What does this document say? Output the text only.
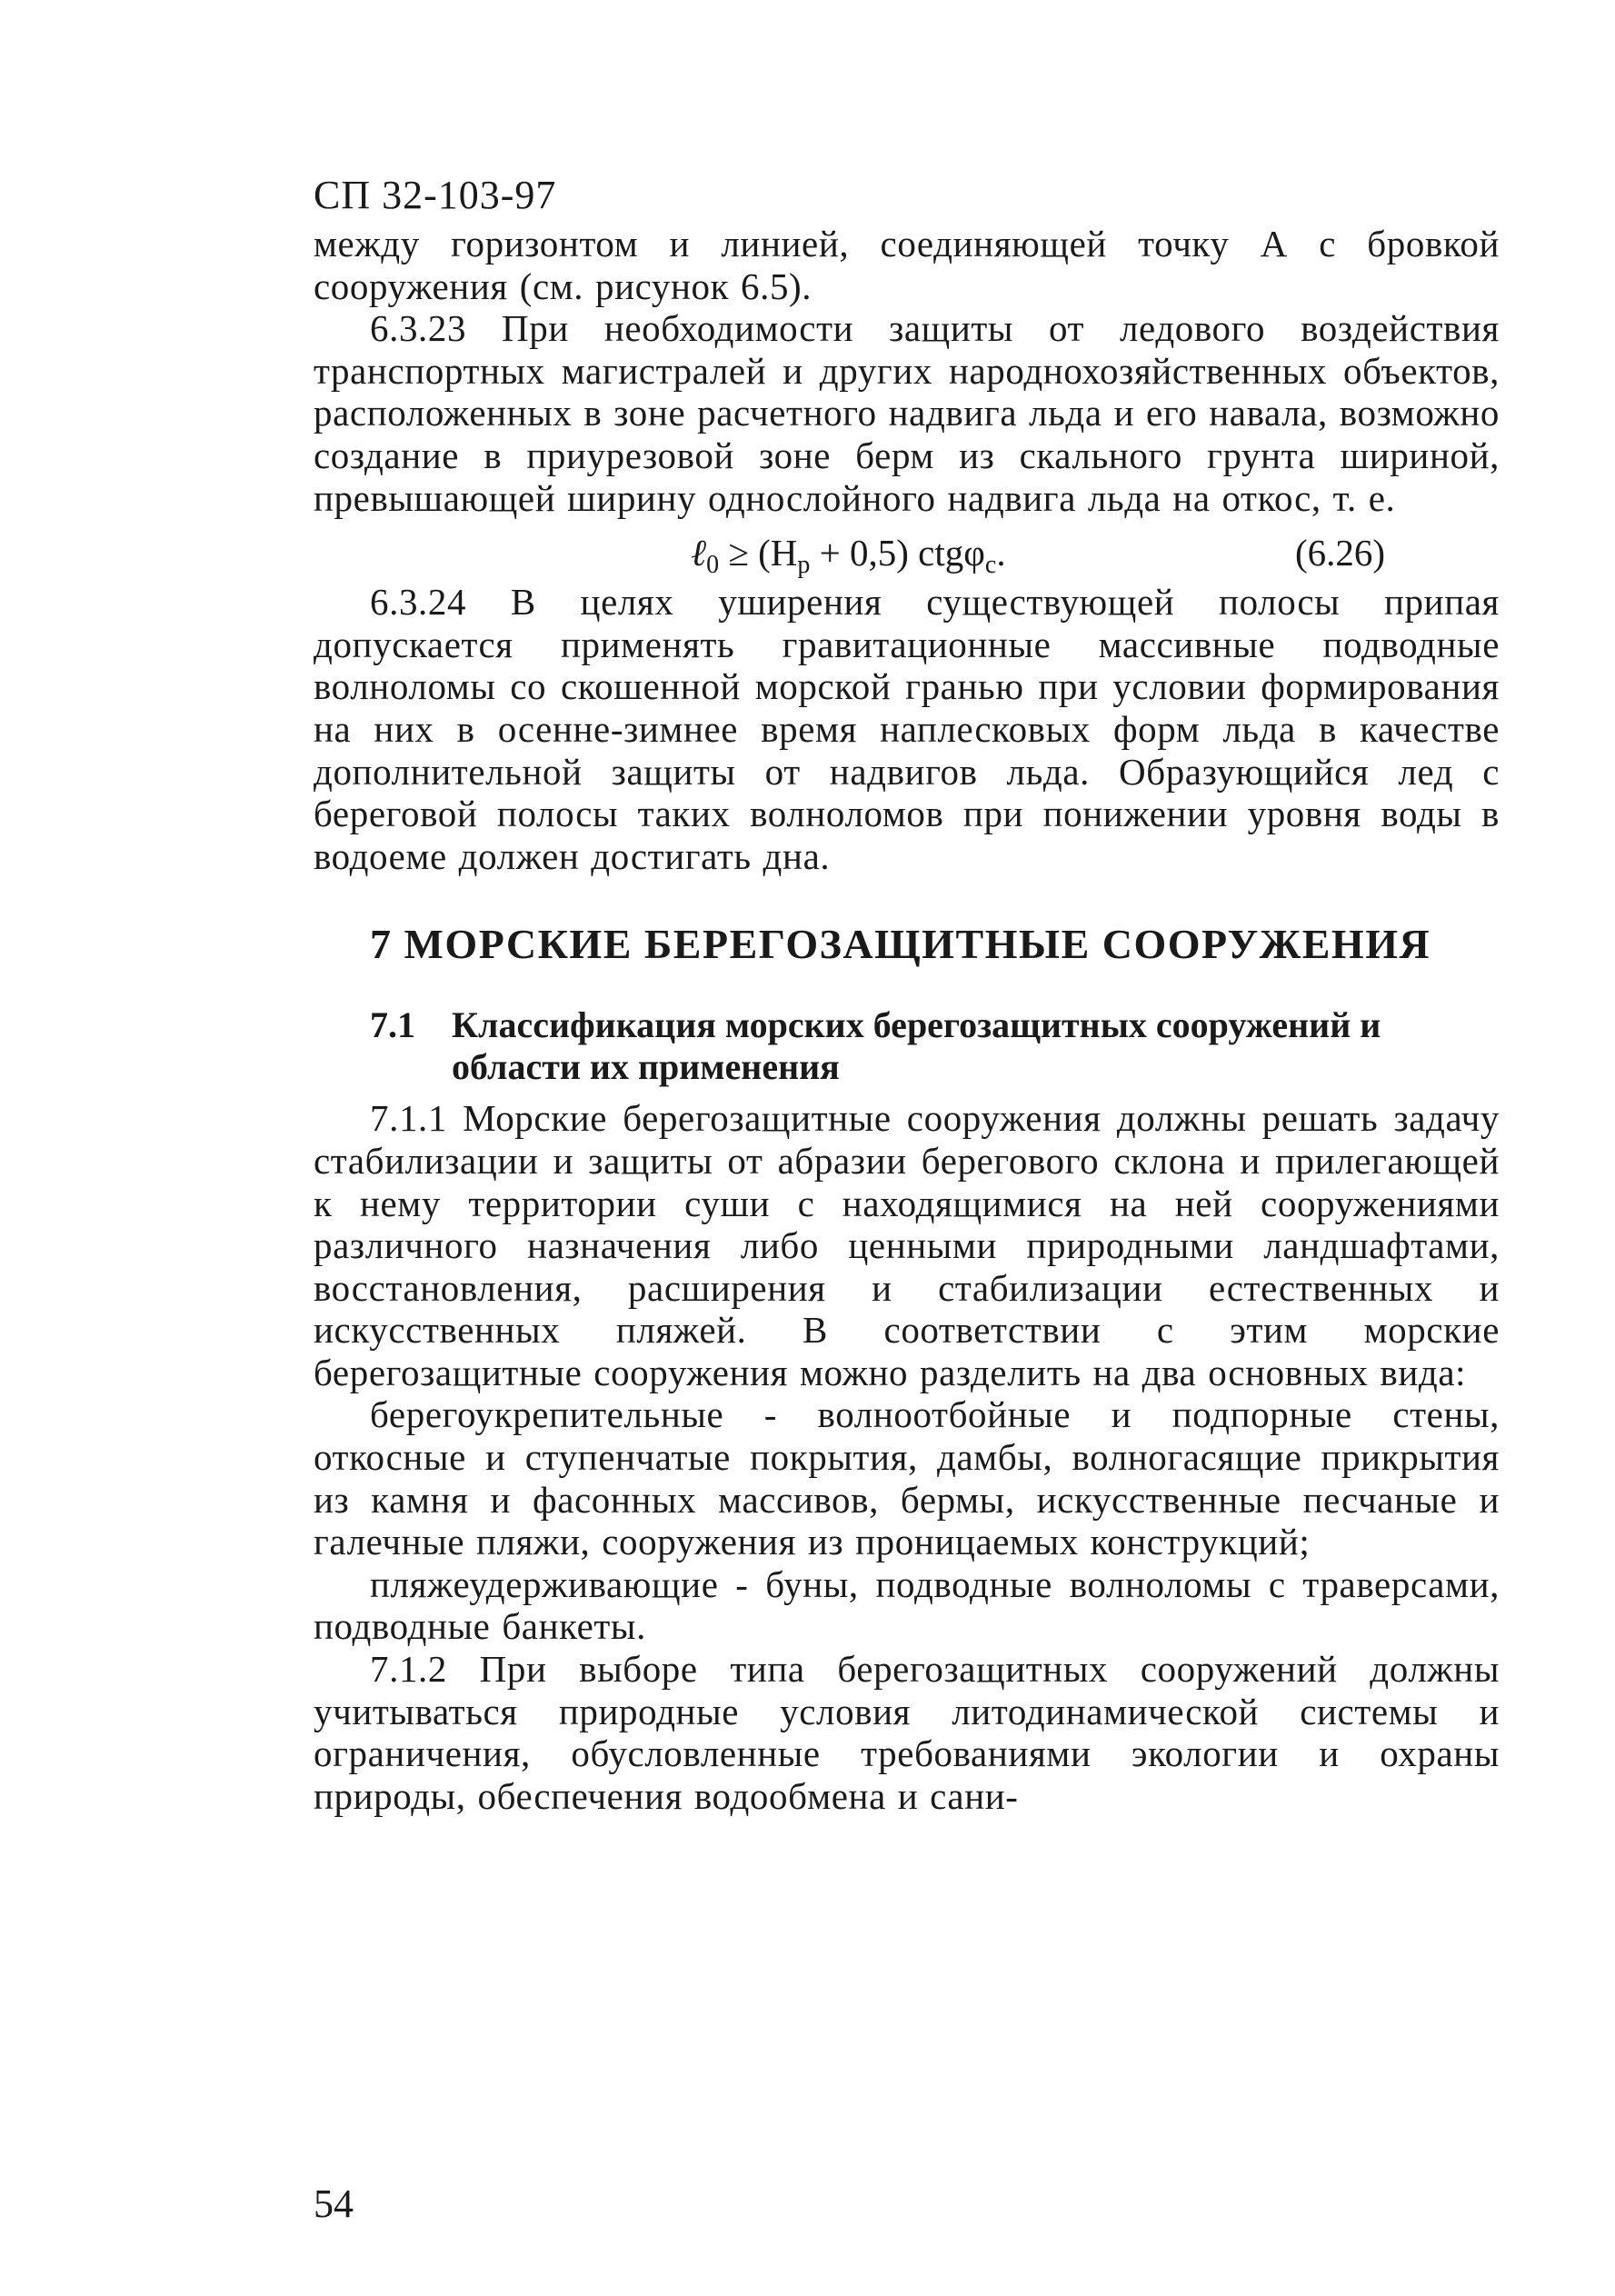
СП 32-103-97

между горизонтом и линией, соединяющей точку А с бровкой сооружения (см. рисунок 6.5).

6.3.23 При необходимости защиты от ледового воздействия транспортных магистралей и других народнохозяйственных объектов, расположенных в зоне расчетного надвига льда и его навала, возможно создание в приурезовой зоне берм из скального грунта шириной, превышающей ширину однослойного надвига льда на откос, т. е.

ℓ$_0$ ≥ $(H_p + 0,5)$ ctgφ$_c$.	(6.26)

6.3.24 В целях уширения существующей полосы припая допускается применять гравитационные массивные подводные волноломы со скошенной морской гранью при условии формирования на них в осенне-зимнее время наплесковых форм льда в качестве дополнительной защиты от надвигов льда. Образующийся лед с береговой полосы таких волноломов при понижении уровня воды в водоеме должен достигать дна.

7 МОРСКИЕ БЕРЕГОЗАЩИТНЫЕ СООРУЖЕНИЯ
7.1	Классификация морских берегозащитных сооружений и области их применения

7.1.1 Морские берегозащитные сооружения должны решать задачу стабилизации и защиты от абразии берегового склона и прилегающей к нему территории суши с находящимися на ней сооружениями различного назначения либо ценными природными ландшафтами, восстановления, расширения и стабилизации естественных и искусственных пляжей. В соответствии с этим морские берегозащитные сооружения можно разделить на два основных вида:

берегоукрепительные - волноотбойные и подпорные стены, откосные и ступенчатые покрытия, дамбы, волногасящие прикрытия из камня и фасонных массивов, бермы, искусственные песчаные и галечные пляжи, сооружения из проницаемых конструкций;

пляжеудерживающие - буны, подводные волноломы с траверсами, подводные банкеты.

7.1.2 При выборе типа берегозащитных сооружений должны учитываться природные условия литодинамической системы и ограничения, обусловленные требованиями экологии и охраны природы, обеспечения водообмена и сани-

54
